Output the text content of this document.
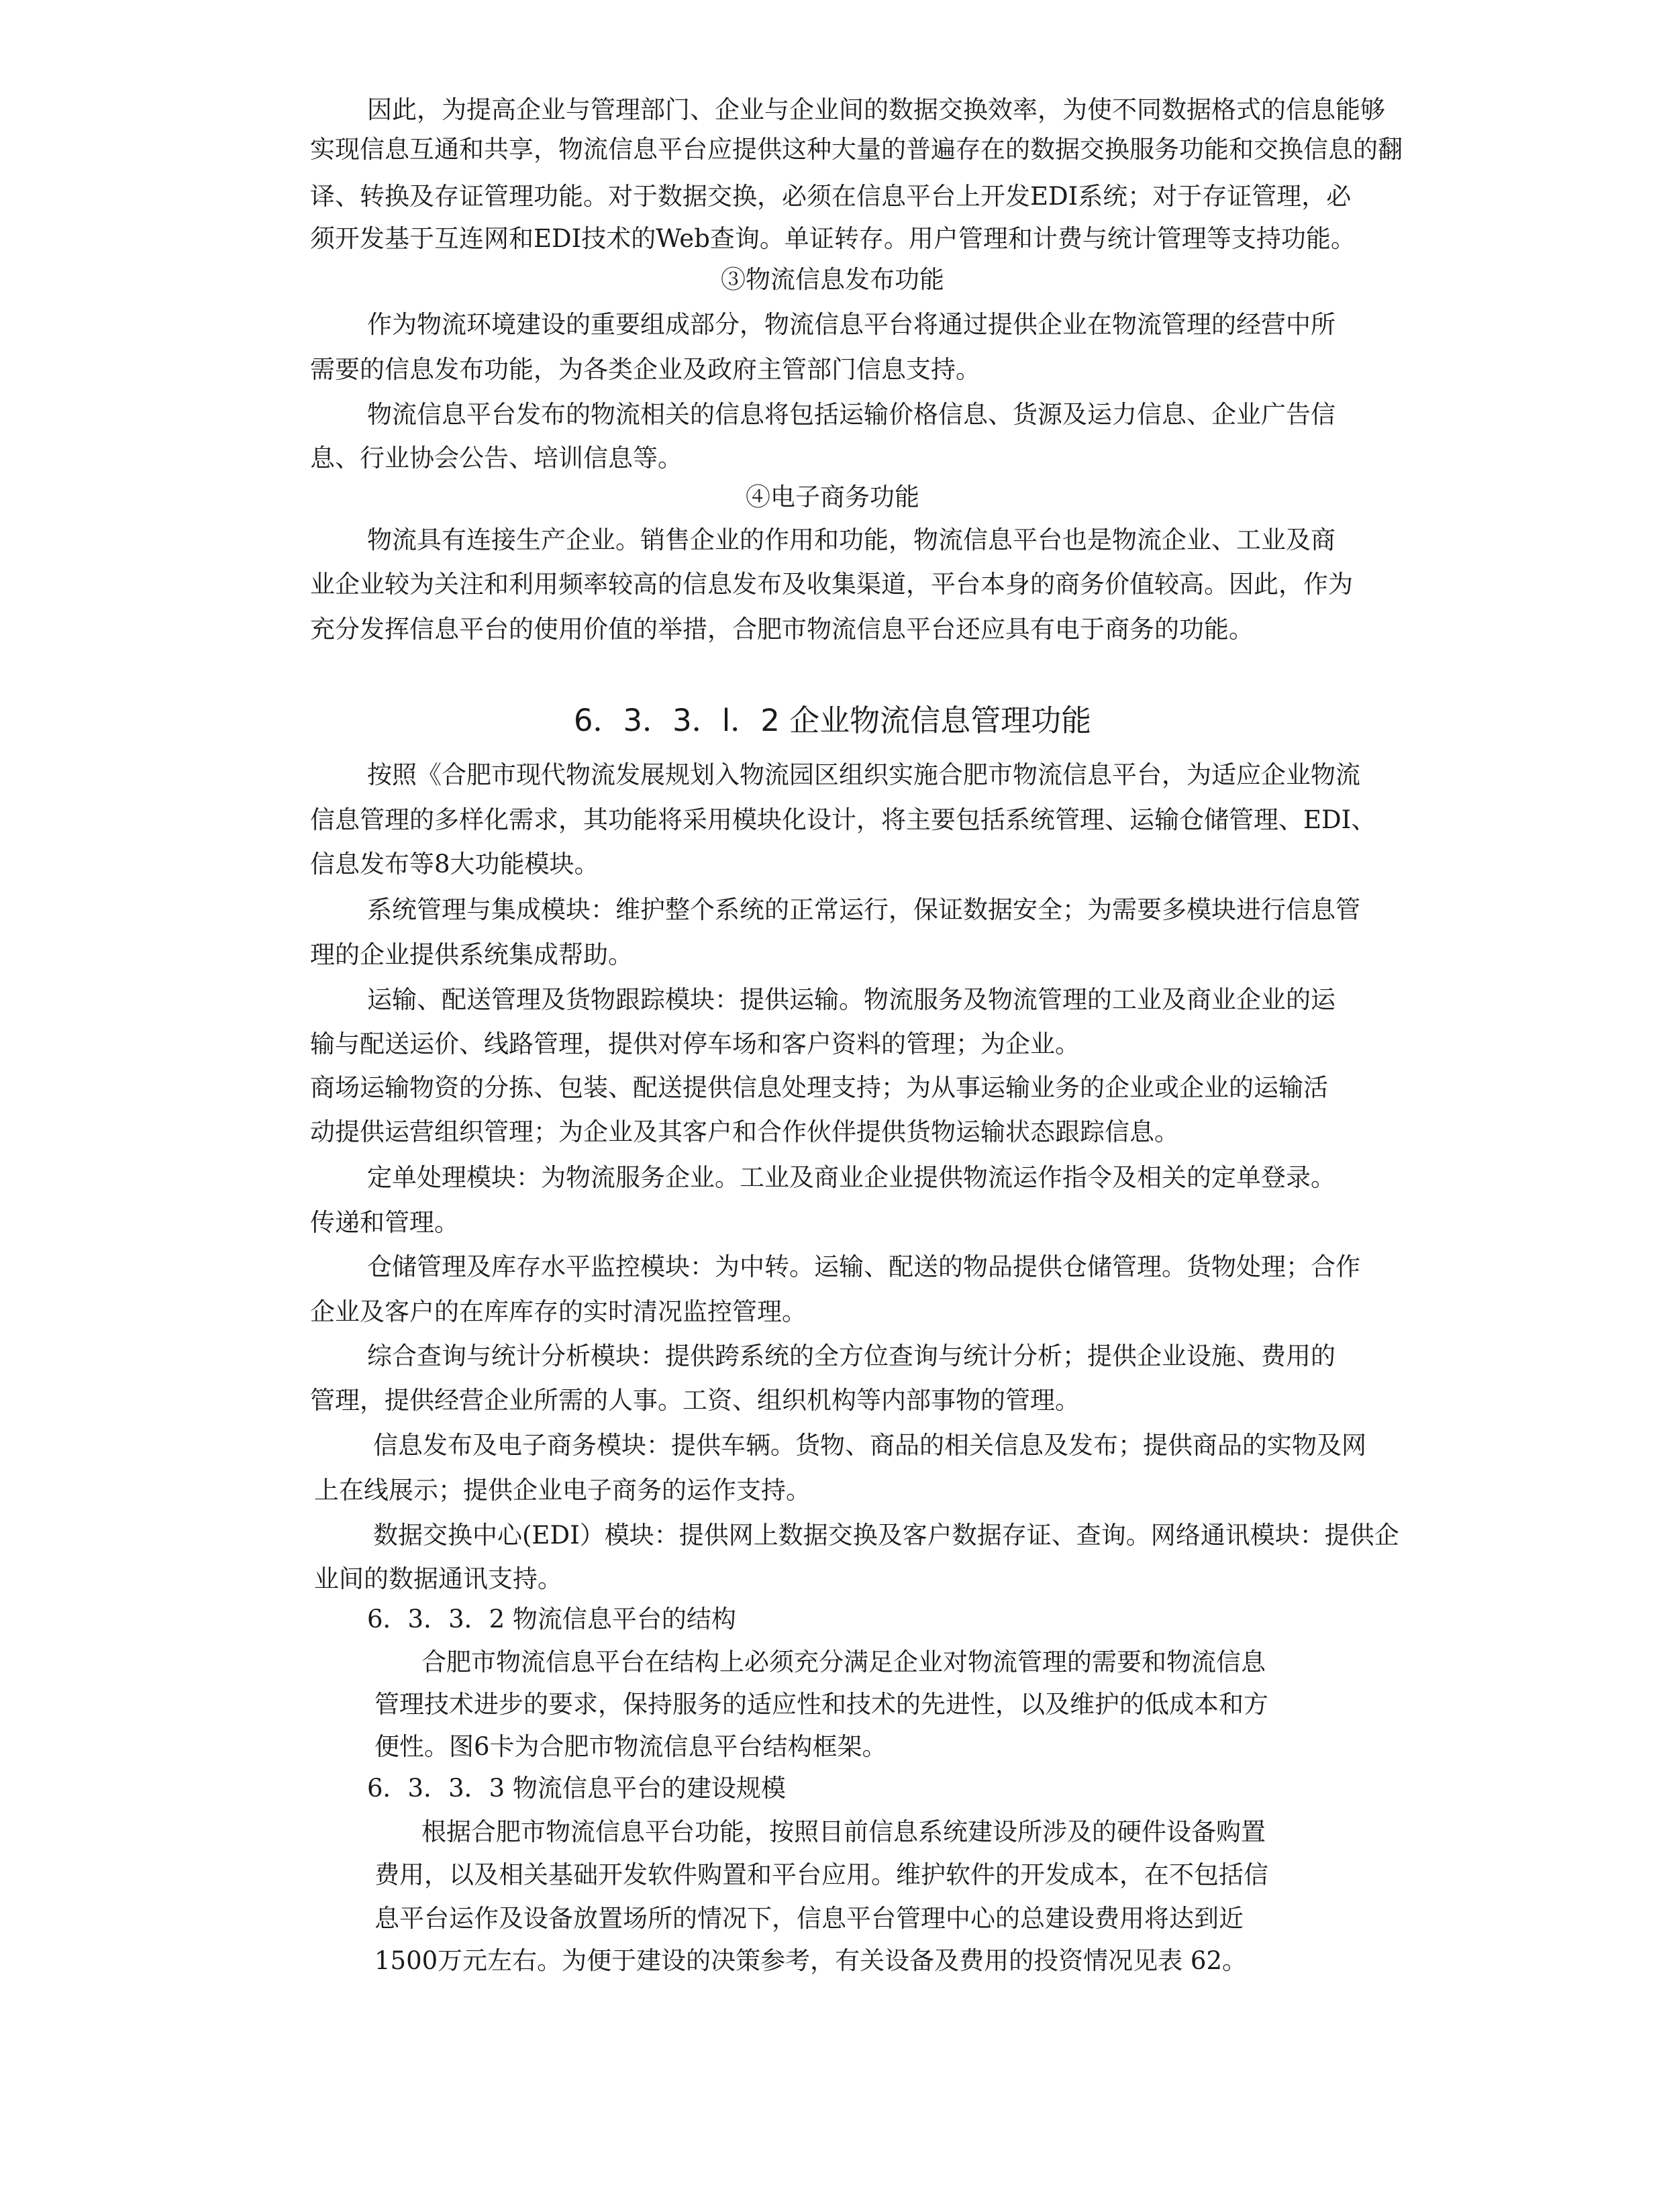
因此，为提高企业与管理部门、企业与企业间的数据交换效率，为使不同数据格式的信息能够

实现信息互通和共享，物流信息平台应提供这种大量的普遍存在的数据交换服务功能和交换信息的翻

译、转换及存证管理功能。对于数据交换，必须在信息平台上开发EDI系统；对于存证管理，必

须开发基于互连网和EDI技术的Web查询。单证转存。用户管理和计费与统计管理等支持功能。

③物流信息发布功能

作为物流环境建设的重要组成部分，物流信息平台将通过提供企业在物流管理的经营中所

需要的信息发布功能，为各类企业及政府主管部门信息支持。

物流信息平台发布的物流相关的信息将包括运输价格信息、货源及运力信息、企业广告信

息、行业协会公告、培训信息等。

④电子商务功能

物流具有连接生产企业。销售企业的作用和功能，物流信息平台也是物流企业、工业及商

业企业较为关注和利用频率较高的信息发布及收集渠道，平台本身的商务价值较高。因此，作为

充分发挥信息平台的使用价值的举措，合肥市物流信息平台还应具有电于商务的功能。

6．3．3．l．2 企业物流信息管理功能

按照《合肥市现代物流发展规划入物流园区组织实施合肥市物流信息平台，为适应企业物流

信息管理的多样化需求，其功能将采用模块化设计，将主要包括系统管理、运输仓储管理、EDI、

信息发布等8大功能模块。

系统管理与集成模块：维护整个系统的正常运行，保证数据安全；为需要多模块进行信息管

理的企业提供系统集成帮助。

运输、配送管理及货物跟踪模块：提供运输。物流服务及物流管理的工业及商业企业的运

输与配送运价、线路管理，提供对停车场和客户资料的管理；为企业。

商场运输物资的分拣、包装、配送提供信息处理支持；为从事运输业务的企业或企业的运输活

动提供运营组织管理；为企业及其客户和合作伙伴提供货物运输状态跟踪信息。

定单处理模块：为物流服务企业。工业及商业企业提供物流运作指令及相关的定单登录。

传递和管理。

仓储管理及库存水平监控模块：为中转。运输、配送的物品提供仓储管理。货物处理；合作

企业及客户的在库库存的实时清况监控管理。

综合查询与统计分析模块：提供跨系统的全方位查询与统计分析；提供企业设施、费用的

管理，提供经营企业所需的人事。工资、组织机构等内部事物的管理。

信息发布及电子商务模块：提供车辆。货物、商品的相关信息及发布；提供商品的实物及网

上在线展示；提供企业电子商务的运作支持。

数据交换中心(EDI）模块：提供网上数据交换及客户数据存证、查询。网络通讯模块：提供企

业间的数据通讯支持。

6．3．3．2 物流信息平台的结构

合肥市物流信息平台在结构上必须充分满足企业对物流管理的需要和物流信息

管理技术进步的要求，保持服务的适应性和技术的先进性，以及维护的低成本和方

便性。图6卡为合肥市物流信息平台结构框架。

6．3．3．3 物流信息平台的建设规模

根据合肥市物流信息平台功能，按照目前信息系统建设所涉及的硬件设备购置

费用，以及相关基础开发软件购置和平台应用。维护软件的开发成本，在不包括信

息平台运作及设备放置场所的情况下，信息平台管理中心的总建设费用将达到近

1500万元左右。为便于建设的决策参考，有关设备及费用的投资情况见表 62。
